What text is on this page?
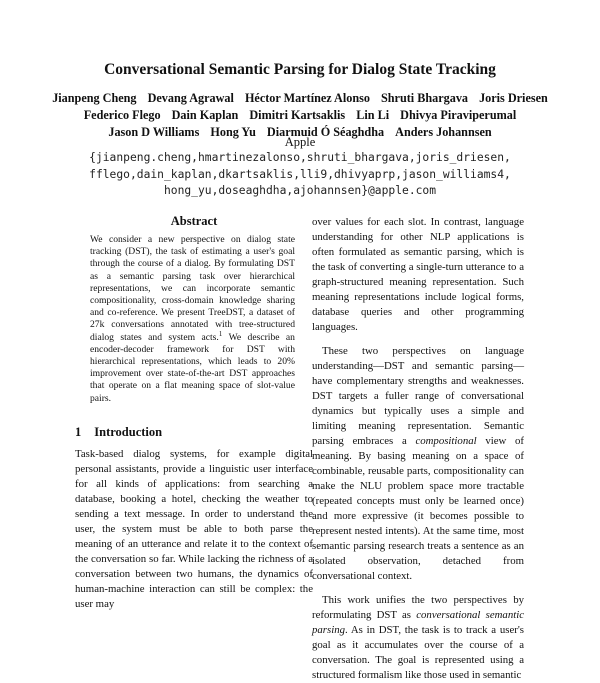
Conversational Semantic Parsing for Dialog State Tracking
Jianpeng Cheng Devang Agrawal Héctor Martínez Alonso Shruti Bhargava Joris Driesen
Federico Flego Dain Kaplan Dimitri Kartsaklis Lin Li Dhivya Piraviperumal
Jason D Williams Hong Yu Diarmuid Ó Séaghdha Anders Johannsen
Apple
{jianpeng.cheng,hmartinezalonso,shruti_bhargava,joris_driesen,
fflego,dain_kaplan,dkartsaklis,lli9,dhivyaprp,jason_williams4,
hong_yu,doseaghdha,ajohannsen}@apple.com
Abstract
We consider a new perspective on dialog state tracking (DST), the task of estimating a user's goal through the course of a dialog. By formulating DST as a semantic parsing task over hierarchical representations, we can incorporate semantic compositionality, cross-domain knowledge sharing and co-reference. We present TreeDST, a dataset of 27k conversations annotated with tree-structured dialog states and system acts.$^1$ We describe an encoder-decoder framework for DST with hierarchical representations, which leads to 20% improvement over state-of-the-art DST approaches that operate on a flat meaning space of slot-value pairs.
1 Introduction

Task-based dialog systems, for example digital personal assistants, provide a linguistic user interface for all kinds of applications: from searching a database, booking a hotel, checking the weather to sending a text message. In order to understand the user, the system must be able to both parse the meaning of an utterance and relate it to the context of the conversation so far. While lacking the richness of a conversation between two humans, the dynamics of human-machine interaction can still be complex: the user may

over values for each slot. In contrast, language understanding for other NLP applications is often formulated as semantic parsing, which is the task of converting a single-turn utterance to a graph-structured meaning representation. Such meaning representations include logical forms, database queries and other programming languages.

These two perspectives on language understanding—DST and semantic parsing—have complementary strengths and weaknesses. DST targets a fuller range of conversational dynamics but typically uses a simple and limiting meaning representation. Semantic parsing embraces a compositional view of meaning. By basing meaning on a space of combinable, reusable parts, compositionality can make the NLU problem space more tractable (repeated concepts must only be learned once) and more expressive (it becomes possible to represent nested intents). At the same time, most semantic parsing research treats a sentence as an isolated observation, detached from conversational context.

This work unifies the two perspectives by reformulating DST as conversational semantic parsing. As in DST, the task is to track a user's goal as it accumulates over the course of a conversation. The goal is represented using a structured formalism like those used in semantic
